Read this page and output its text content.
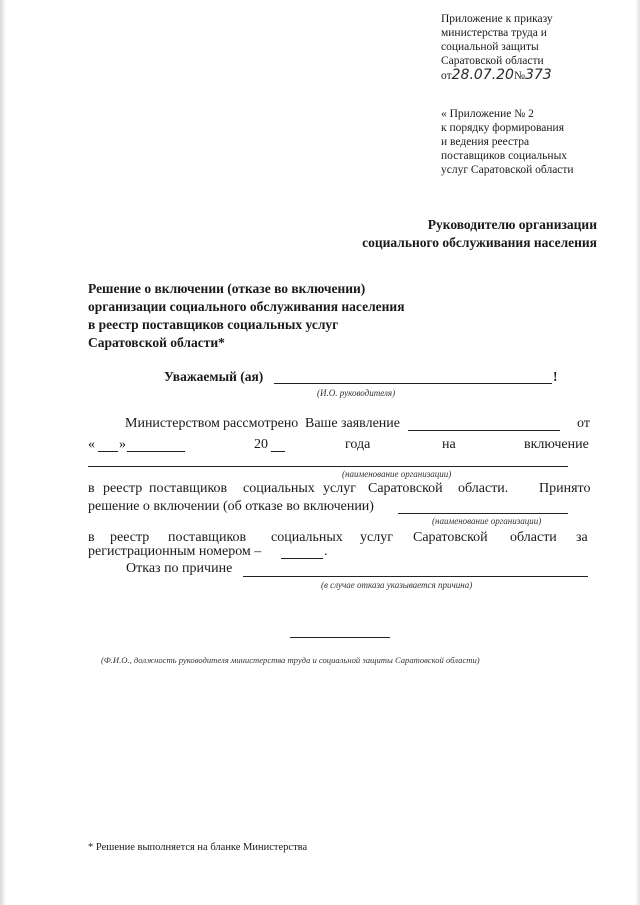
Приложение к приказу
министерства труда и
социальной защиты
Саратовской области
от28.07.20№373
« Приложение № 2
к порядку формирования
и ведения реестра
поставщиков социальных
услуг Саратовской области
Руководителю организации
социального обслуживания населения
Решение о включении (отказе во включении)
организации социального обслуживания населения
в реестр поставщиков социальных услуг
Саратовской области*
Уважаемый (ая)	!
(И.О. руководителя)
Министерством рассмотрено Ваше заявление	от
« »	20	года	на	включение
(наименование организации)
в реестр поставщиков социальных услуг Саратовской области. Принято
решение о включении (об отказе во включении)
(наименование организации)
в реестр поставщиков социальных услуг Саратовской области за
регистрационным номером –	.
Отказ по причине
(в случае отказа указывается причина)
(Ф.И.О., должность руководителя министерства труда и социальной защиты Саратовской области)
* Решение выполняется на бланке Министерства
